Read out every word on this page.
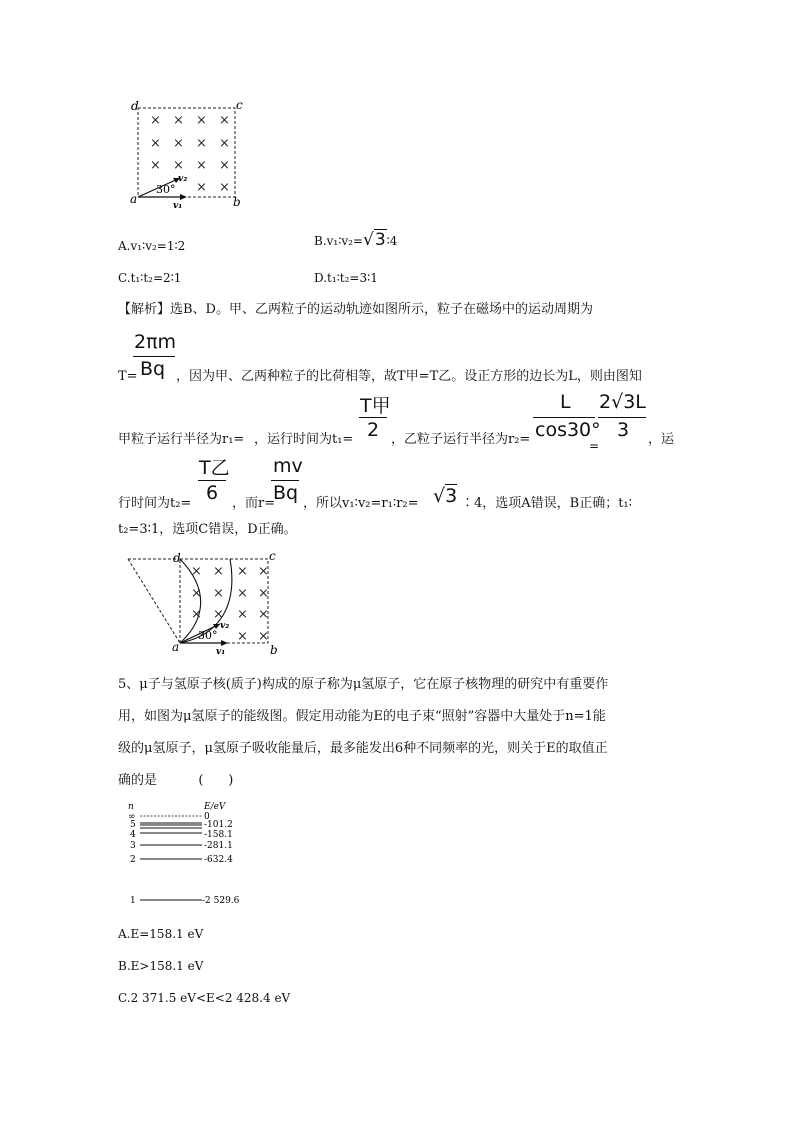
d	c
a	b
× × × ×
× × × ×
× × × ×
× ×
v₂
v₁
30°
A.v₁∶v₂=1∶2	B.v₁∶v₂=√3∶4
C.t₁∶t₂=2∶1	D.t₁∶t₂=3∶1
【解析】选B、D。甲、乙两粒子的运动轨迹如图所示，粒子在磁场中的运动周期为
2πm
Bq
T=	，因为甲、乙两种粒子的比荷相等，故T甲=T乙。设正方形的边长为L，则由图知
T甲
2
L
cos30°
2√3L
3
甲粒子运行半径为r₁= ，运行时间为t₁=	，乙粒子运行半径为r₂=	=	，运
T乙
6
mv
Bq
行时间为t₂=	，而r= ，所以v₁∶v₂=r₁∶r₂= √3 ∶4，选项A错误，B正确；t₁∶
t₂=3∶1，选项C错误，D正确。
d	c
a	b
× × × ×
× × × ×
× × × ×
× ×
v₂
v₁
30°
5、μ子与氢原子核(质子)构成的原子称为μ氢原子，它在原子核物理的研究中有重要作
用，如图为μ氢原子的能级图。假定用动能为E的电子束“照射”容器中大量处于n=1能
级的μ氢原子，μ氢原子吸收能量后，最多能发出6种不同频率的光，则关于E的取值正
确的是          (      )
n	E/eV
∞	0
5	-101.2
4	-158.1
3	-281.1
2	-632.4
1	-2 529.6
A.E=158.1 eV
B.E>158.1 eV
C.2 371.5 eV<E<2 428.4 eV
